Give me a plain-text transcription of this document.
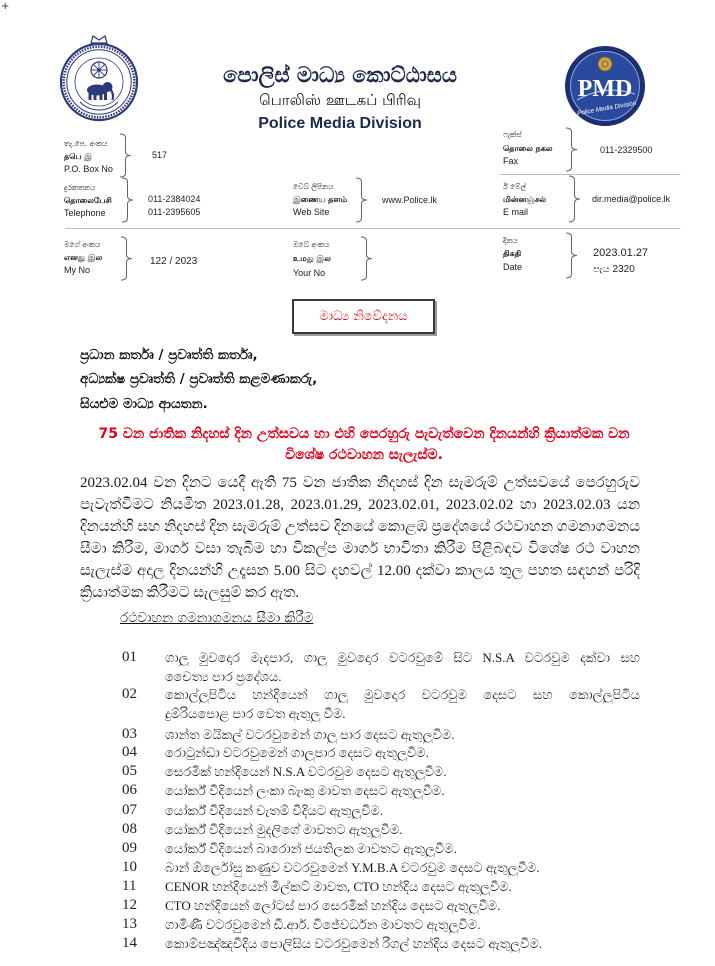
+
පොලිස් මාධ්‍ය කොට්ඨාසය
பொலிஸ் ஊடகப் பிரிவு
Police Media Division
PMD
Police Media Division
තැ.පෙ. අංකය
தபெ இ
P.O. Box No
517
ෆැක්ස්
தொலை நகல
Fax
011-2329500
දුරකතනය
தொலைபேசி
Telephone
011-2384024
011-2395605
වෙබ් ලිපිනය
இணைய தளம்
Web Site
www.Police.lk
ඊ මේල්
மின்னஞ்சல்
E mail
dir.media@police.lk
මගේ අංකය
எனது இல
My No
122 / 2023
ඔබේ අංකය
உமது இல
Your No
දිනය
திகதி
Date
2023.01.27
පැය 2320
මාධ්‍ය නිවේදනය
ප්‍රධාන කර්තෘ / ප්‍රවෘත්ති කර්තෘ,
අධ්‍යක්ෂ ප්‍රවෘත්ති / ප්‍රවෘත්ති කළමණාකරු,
සියළුම මාධ්‍ය ආයතන.
75 වන ජාතික නිදහස් දින උත්සවය හා එහි පෙරහුරු පැවැත්වෙන දිනයන්හි ක්‍රියාත්මක වන
විශේෂ රථවාහන සැලැස්ම.
2023.02.04 වන දිනට යෙදී ඇති 75 වන ජාතික නිදහස් දින සැමරුම් උත්සවයේ පෙරහුරුව
පැවැත්වීමට නියමිත 2023.01.28, 2023.01.29, 2023.02.01, 2023.02.02 හා 2023.02.03 යන
දිනයන්හි සහ නිදහස් දින සැමරුම් උත්සව දිනයේ කොළඹ ප්‍රදේශයේ රථවාහන ගමනාගමනය
සීමා කිරීම, මාර්ග වසා තැබීම හා විකල්ප මාර්ග භාවිතා කිරීම පිළිබඳව විශේෂ රථ වාහන
සැලැස්ම අදාල දිනයන්හි උදෑසන 5.00 සිට දහවල් 12.00 දක්වා කාලය තුල පහත සඳහන් පරිදි
ක්‍රියාත්මක කිරීමට සැලසුම් කර ඇත.
රථවාහන ගමනාගමනය සීමා කිරීම
01	ගාලු මුවදොර මැදපාර, ගාලු මුවදොර වටරවුමේ සිට N.S.A වටරවුම දක්වා සහ
චෛත්‍ය පාර ප්‍රදේශය.
02	කොල්ලුපිටිය හන්දියෙන් ගාලු මුවදොර වටරවුම දෙසට සහ කොල්ලුපිටිය
දුම්රියපොළ පාර වෙත ඇතුලු වීම.
03	ශාන්ත මයිකල් වටරවුමෙන් ගාලු පාර දෙසට ඇතුලුවීම.
04	රොටුන්ඩා වටරවුමෙන් ගාලුපාර දෙසට ඇතුලුවීම.
05	සෙරමික් හන්දියෙන් N.S.A වටරවුම දෙසට ඇතුලුවීම.
06	යෝර්ක් වීදියෙන් ලංකා බැංකු මාවත දෙසට ඇතුලුවීම.
07	යෝර්ක් වීදියෙන් චැතම් වීදියට ඇතුලුවීම.
08	යෝර්ක් වීදියෙන් මුදලිගේ මාවතට ඇතුලුවීම.
09	යෝර්ක් වීදියෙන් බාරොන් ජයතිලක මාවතට ඇතුලුවීම.
10	බාන් ඕර්ලෝසු කණුව වටරවුමෙන් Y.M.B.A වටරවුම දෙසට ඇතුලුවීම.
11	CENOR හන්දියෙන් මිල්කට් මාවත, CTO හන්දිය දෙසට ඇතුලුවීම.
12	CTO හන්දියෙන් ලෝටස් පාර සෙරමික් හන්දිය දෙසට ඇතුලුවීම.
13	ගාමිණී වටරවුමෙන් ඩී.ආර්. විජේවර්ධන මාවතට ඇතුලුවීම.
14	කොම්පඤ්ඤවීදිය පොලිසිය වටරවුමෙන් රීගල් හන්දිය දෙසට ඇතුලුවීම.
